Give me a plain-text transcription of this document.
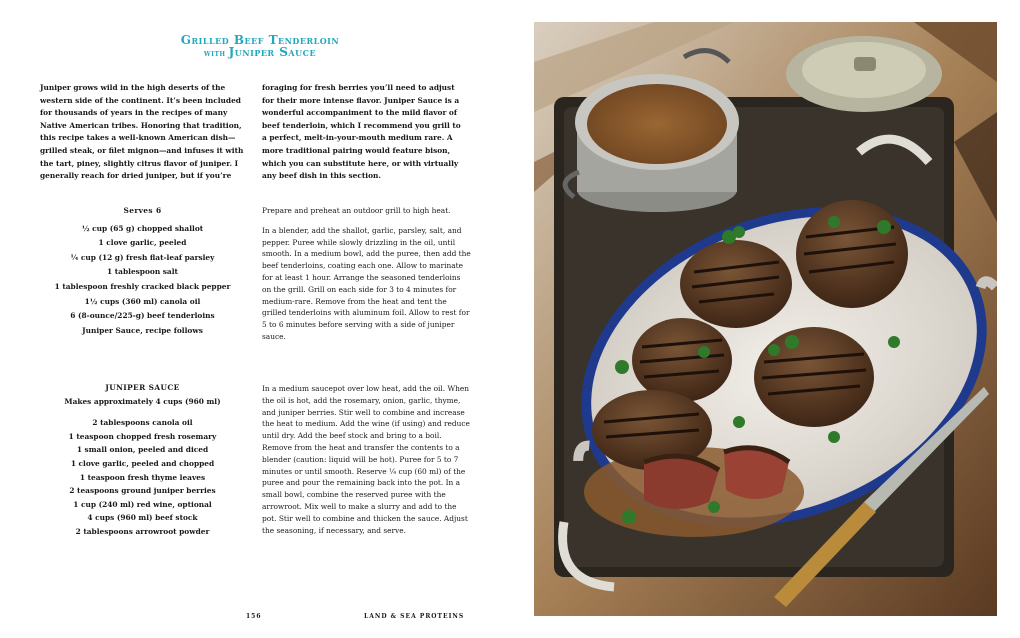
Grilled Beef Tenderloin
with Juniper Sauce
Juniper grows wild in the high deserts of the western side of the continent. It’s been included for thousands of years in the recipes of many Native American tribes. Honoring that tradition, this recipe takes a well-known American dish—grilled steak, or filet mignon—and infuses it with the tart, piney, slightly citrus flavor of juniper. I generally reach for dried juniper, but if you’re
foraging for fresh berries you’ll need to adjust for their more intense flavor. Juniper Sauce is a wonderful accompaniment to the mild flavor of beef tenderloin, which I recommend you grill to a perfect, melt-in-your-mouth medium rare. A more traditional pairing would feature bison, which you can substitute here, or with virtually any beef dish in this section.
Serves 6
½ cup (65 g) chopped shallot
1 clove garlic, peeled
¼ cup (12 g) fresh flat-leaf parsley
1 tablespoon salt
1 tablespoon freshly cracked black pepper
1½ cups (360 ml) canola oil
6 (8-ounce/225-g) beef tenderloins
Juniper Sauce, recipe follows

Prepare and preheat an outdoor grill to high heat.

In a blender, add the shallot, garlic, parsley, salt, and pepper. Puree while slowly drizzling in the oil, until smooth. In a medium bowl, add the puree, then add the beef tenderloins, coating each one. Allow to marinate for at least 1 hour. Arrange the seasoned tenderloins on the grill. Grill on each side for 3 to 4 minutes for medium-rare. Remove from the heat and tent the grilled tenderloins with aluminum foil. Allow to rest for 5 to 6 minutes before serving with a side of juniper sauce.

JUNIPER SAUCE
Makes approximately 4 cups (960 ml)
2 tablespoons canola oil
1 teaspoon chopped fresh rosemary
1 small onion, peeled and diced
1 clove garlic, peeled and chopped
1 teaspoon fresh thyme leaves
2 teaspoons ground juniper berries
1 cup (240 ml) red wine, optional
4 cups (960 ml) beef stock
2 tablespoons arrowroot powder

In a medium saucepot over low heat, add the oil. When the oil is hot, add the rosemary, onion, garlic, thyme, and juniper berries. Stir well to combine and increase the heat to medium. Add the wine (if using) and reduce until dry. Add the beef stock and bring to a boil. Remove from the heat and transfer the contents to a blender (caution: liquid will be hot). Puree for 5 to 7 minutes or until smooth. Reserve ¼ cup (60 ml) of the puree and pour the remaining back into the pot. In a small bowl, combine the reserved puree with the arrowroot. Mix well to make a slurry and add to the pot. Stir well to combine and thicken the sauce. Adjust the seasoning, if necessary, and serve.

156	LAND & SEA PROTEINS
